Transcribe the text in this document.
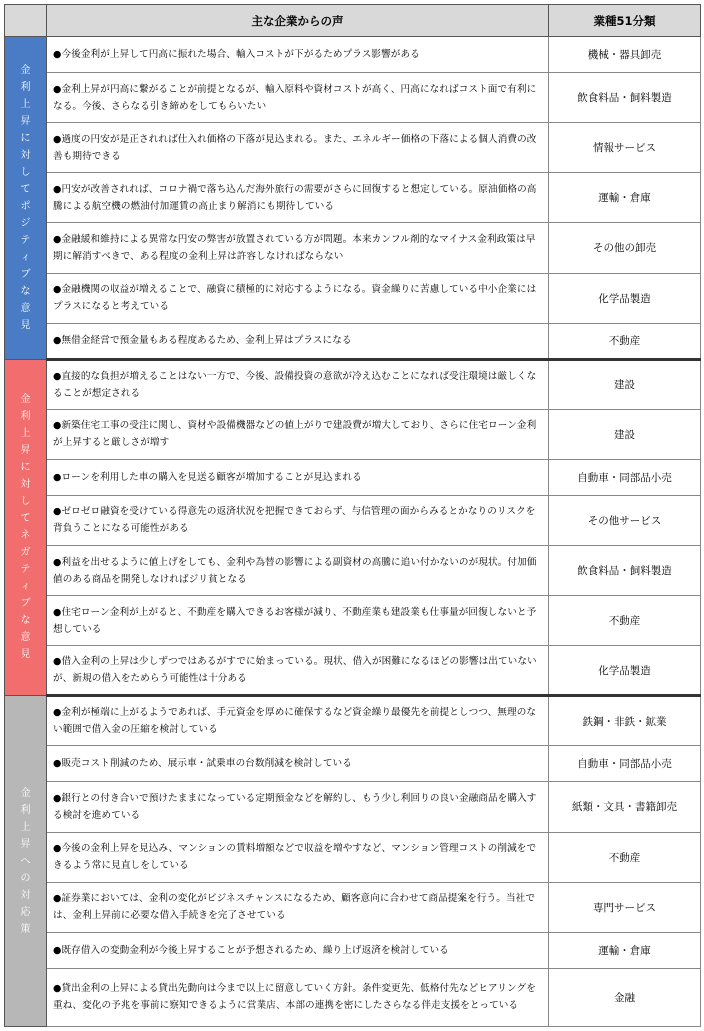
	主な企業からの声	業種51分類
金利上昇に対してポジティブな意見	●今後金利が上昇して円高に振れた場合、輸入コストが下がるためプラス影響がある	機械・器具卸売
	●金利上昇が円高に繋がることが前提となるが、輸入原料や資材コストが高く、円高になればコスト面で有利になる。今後、さらなる引き締めをしてもらいたい	飲食料品・飼料製造
	●過度の円安が是正されれば仕入れ価格の下落が見込まれる。また、エネルギー価格の下落による個人消費の改善も期待できる	情報サービス
	●円安が改善されれば、コロナ禍で落ち込んだ海外旅行の需要がさらに回復すると想定している。原油価格の高騰による航空機の燃油付加運賃の高止まり解消にも期待している	運輸・倉庫
	●金融緩和維持による異常な円安の弊害が放置されている方が問題。本来カンフル剤的なマイナス金利政策は早期に解消すべきで、ある程度の金利上昇は許容しなければならない	その他の卸売
	●金融機関の収益が増えることで、融資に積極的に対応するようになる。資金繰りに苦慮している中小企業にはプラスになると考えている	化学品製造
	●無借金経営で預金量もある程度あるため、金利上昇はプラスになる	不動産
金利上昇に対してネガティブな意見	●直接的な負担が増えることはない一方で、今後、設備投資の意欲が冷え込むことになれば受注環境は厳しくなることが想定される	建設
	●新築住宅工事の受注に関し、資材や設備機器などの値上がりで建設費が増大しており、さらに住宅ローン金利が上昇すると厳しさが増す	建設
	●ローンを利用した車の購入を見送る顧客が増加することが見込まれる	自動車・同部品小売
	●ゼロゼロ融資を受けている得意先の返済状況を把握できておらず、与信管理の面からみるとかなりのリスクを背負うことになる可能性がある	その他サービス
	●利益を出せるように値上げをしても、金利や為替の影響による副資材の高騰に追い付かないのが現状。付加価値のある商品を開発しなければジリ貧となる	飲食料品・飼料製造
	●住宅ローン金利が上がると、不動産を購入できるお客様が減り、不動産業も建設業も仕事量が回復しないと予想している	不動産
	●借入金利の上昇は少しずつではあるがすでに始まっている。現状、借入が困難になるほどの影響は出ていないが、新規の借入をためらう可能性は十分ある	化学品製造
金利上昇への対応策	●金利が極端に上がるようであれば、手元資金を厚めに確保するなど資金繰り最優先を前提としつつ、無理のない範囲で借入金の圧縮を検討している	鉄鋼・非鉄・鉱業
	●販売コスト削減のため、展示車・試乗車の台数削減を検討している	自動車・同部品小売
	●銀行との付き合いで預けたままになっている定期預金などを解約し、もう少し利回りの良い金融商品を購入する検討を進めている	紙類・文具・書籍卸売
	●今後の金利上昇を見込み、マンションの賃料増額などで収益を増やすなど、マンション管理コストの削減をできるよう常に見直しをしている	不動産
	●証券業においては、金利の変化がビジネスチャンスになるため、顧客意向に合わせて商品提案を行う。当社では、金利上昇前に必要な借入手続きを完了させている	専門サービス
	●既存借入の変動金利が今後上昇することが予想されるため、繰り上げ返済を検討している	運輸・倉庫
	●貸出金利の上昇による貸出先動向は今まで以上に留意していく方針。条件変更先、低格付先などヒアリングを重ね、変化の予兆を事前に察知できるように営業店、本部の連携を密にしたさらなる伴走支援をとっている	金融
